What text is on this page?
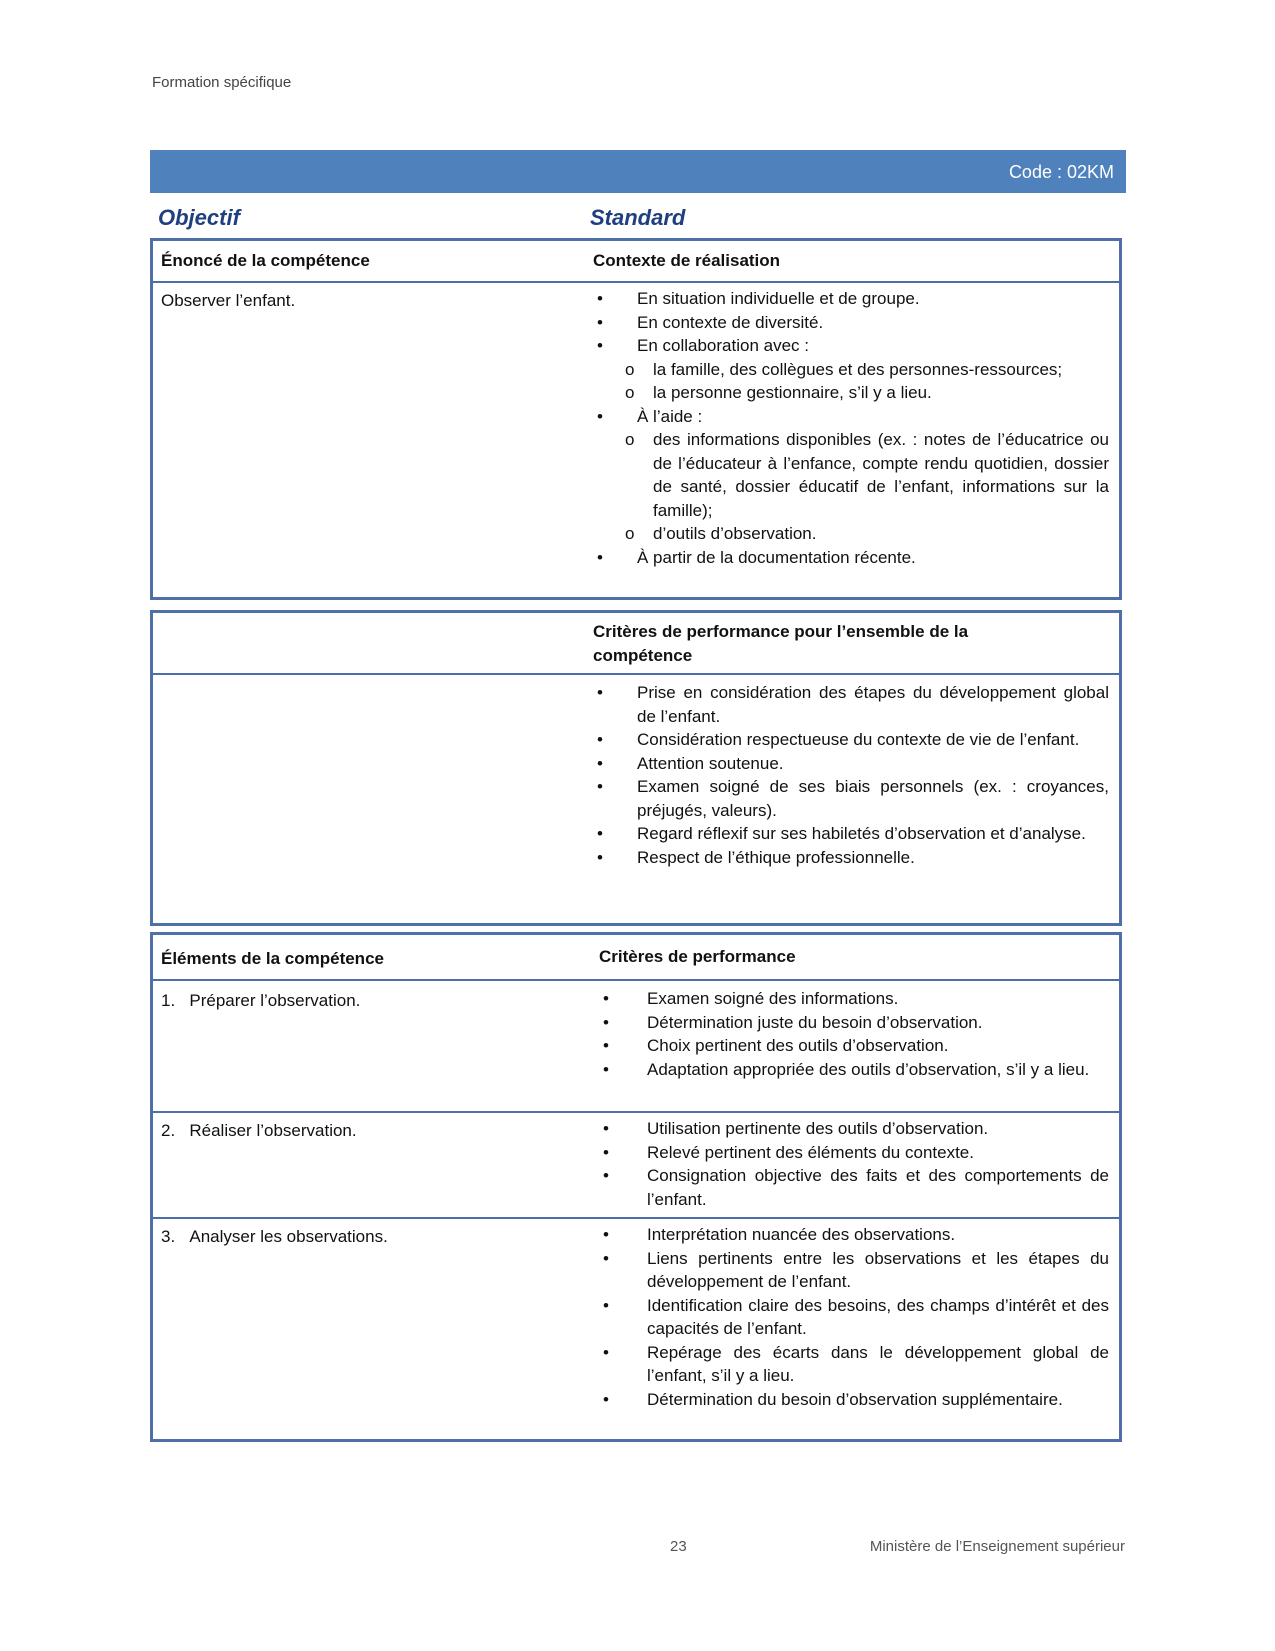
Formation spécifique
Code : 02KM
Objectif	Standard
Énoncé de la compétence	Contexte de réalisation
Observer l’enfant.	• En situation individuelle et de groupe.
• En contexte de diversité.
• En collaboration avec :
o la famille, des collègues et des personnes-ressources;
o la personne gestionnaire, s’il y a lieu.
• À l’aide :
o des informations disponibles (ex. : notes de l’éducatrice ou de l’éducateur à l’enfance, compte rendu quotidien, dossier de santé, dossier éducatif de l’enfant, informations sur la famille);
o d’outils d’observation.
• À partir de la documentation récente.
Critères de performance pour l’ensemble de la compétence
• Prise en considération des étapes du développement global de l’enfant.
• Considération respectueuse du contexte de vie de l’enfant.
• Attention soutenue.
• Examen soigné de ses biais personnels (ex. : croyances, préjugés, valeurs).
• Regard réflexif sur ses habiletés d’observation et d’analyse.
• Respect de l’éthique professionnelle.
Éléments de la compétence	Critères de performance
1. Préparer l’observation.	• Examen soigné des informations.
• Détermination juste du besoin d’observation.
• Choix pertinent des outils d’observation.
• Adaptation appropriée des outils d’observation, s’il y a lieu.
2. Réaliser l’observation.	• Utilisation pertinente des outils d’observation.
• Relevé pertinent des éléments du contexte.
• Consignation objective des faits et des comportements de l’enfant.
3. Analyser les observations.	• Interprétation nuancée des observations.
• Liens pertinents entre les observations et les étapes du développement de l’enfant.
• Identification claire des besoins, des champs d’intérêt et des capacités de l’enfant.
• Repérage des écarts dans le développement global de l’enfant, s’il y a lieu.
• Détermination du besoin d’observation supplémentaire.
23	Ministère de l’Enseignement supérieur
